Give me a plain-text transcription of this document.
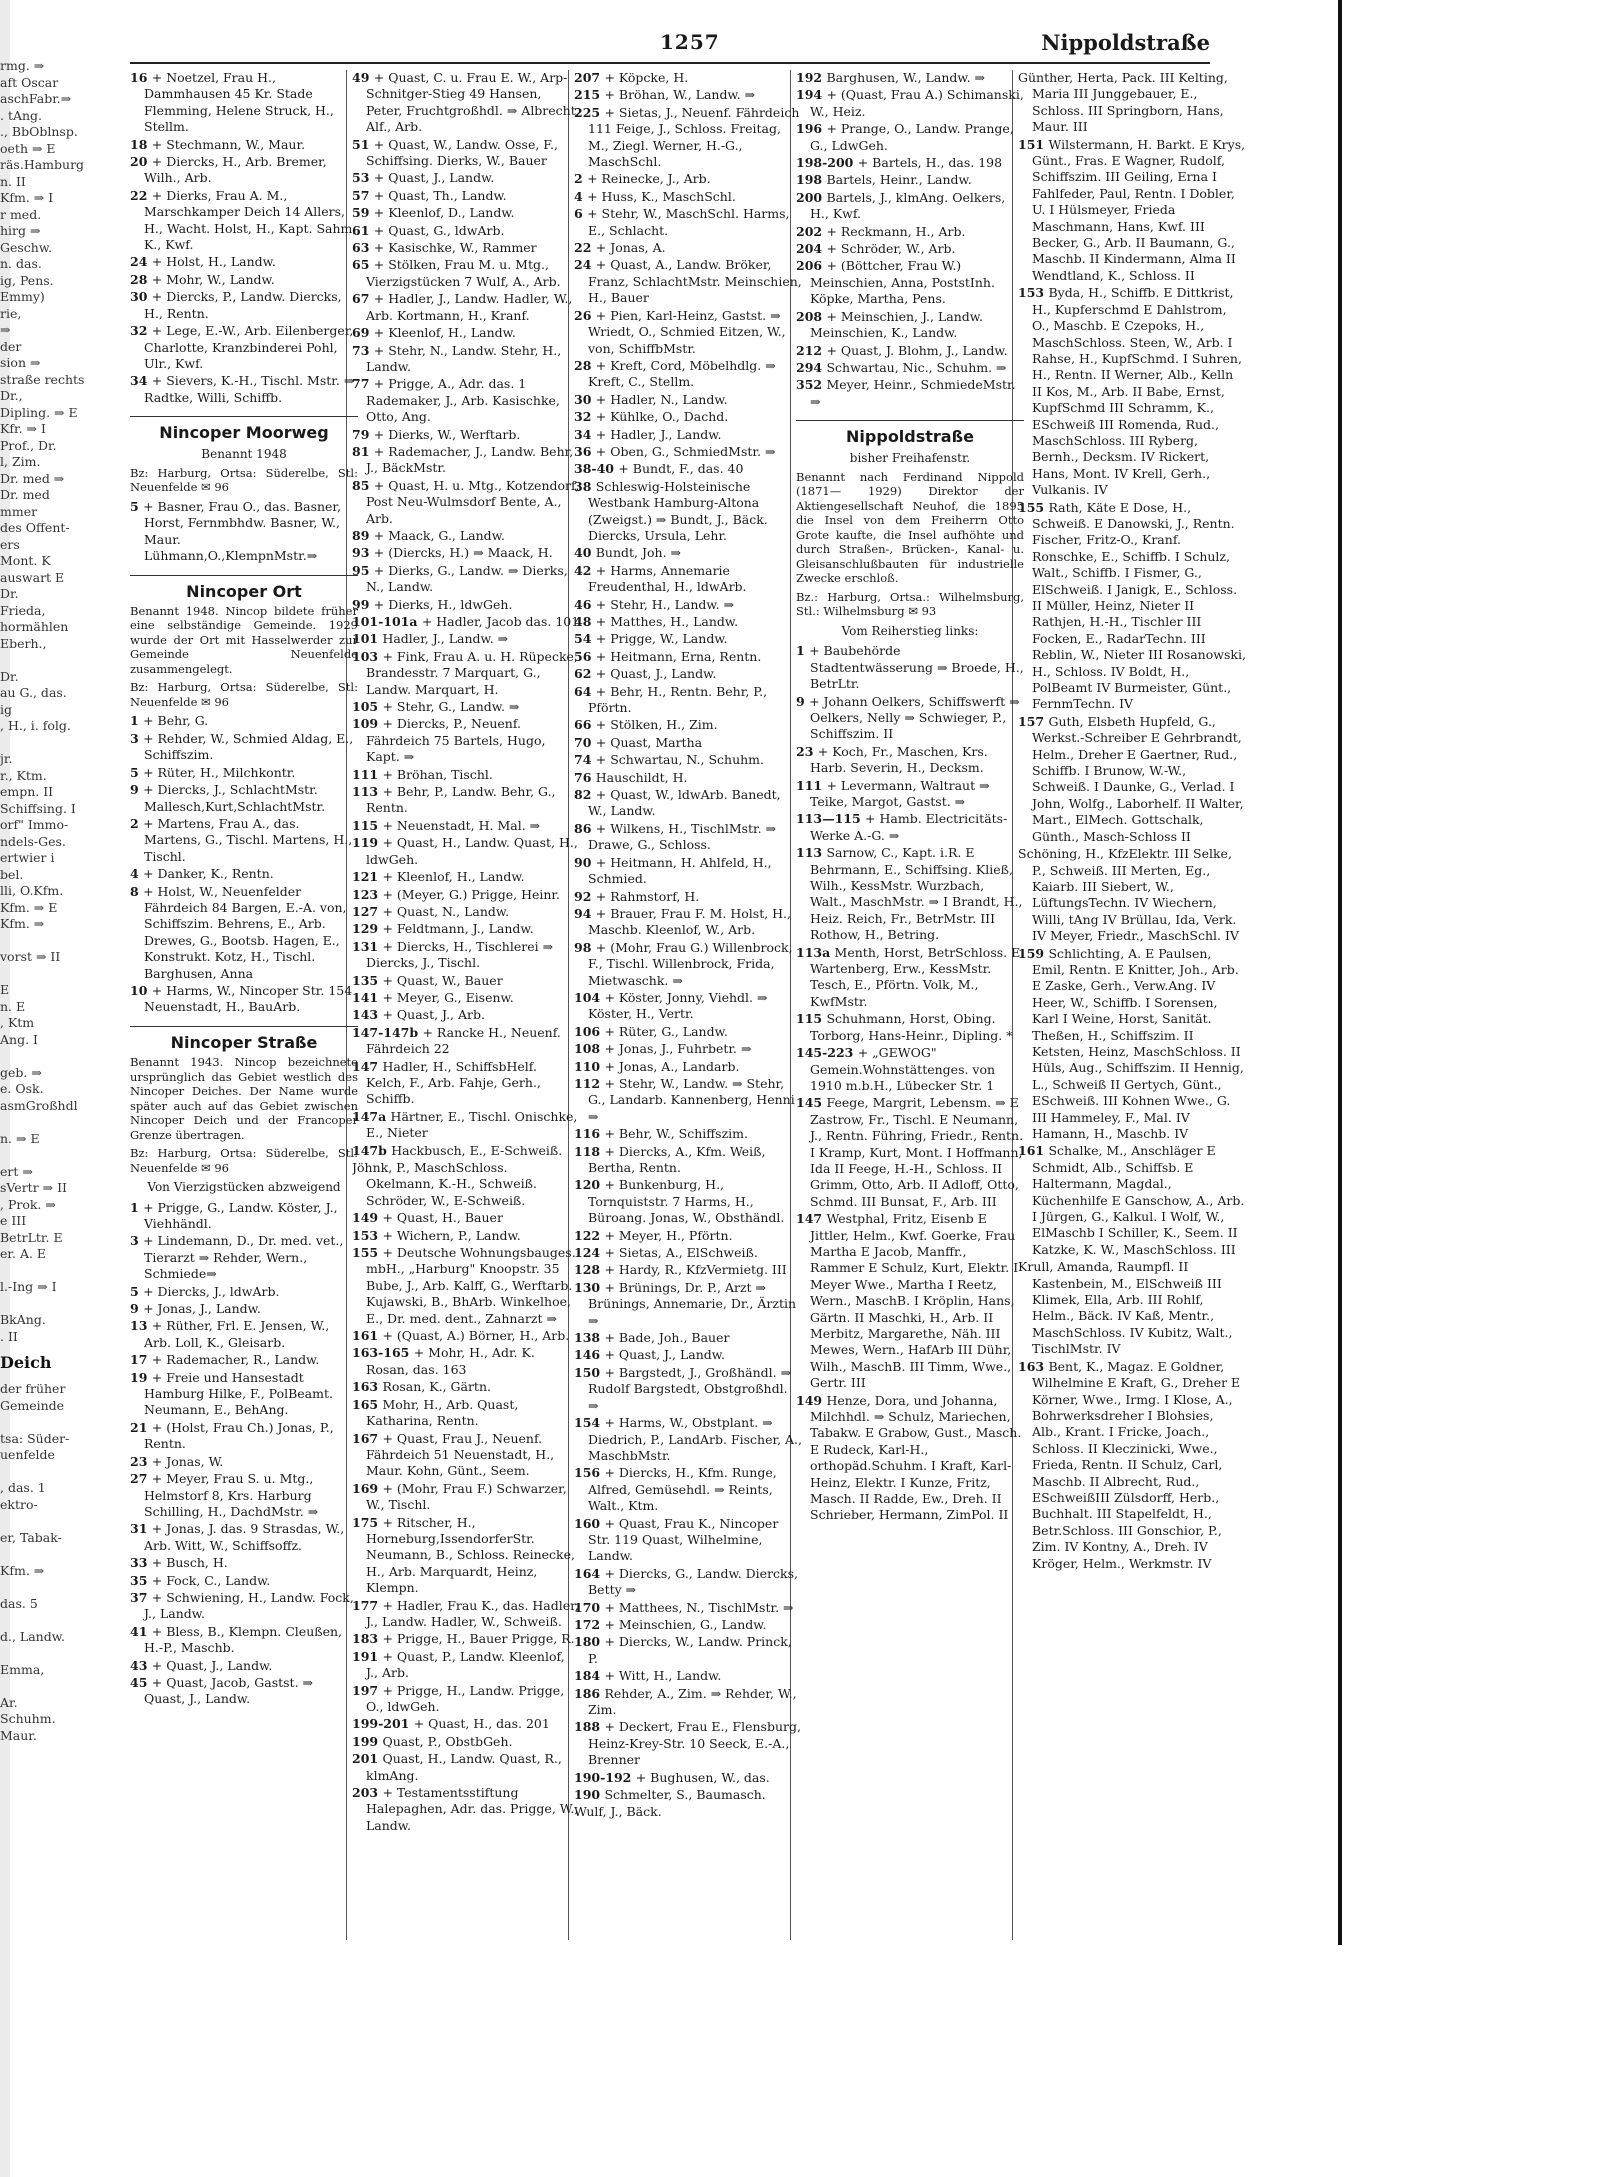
rmg. ⇒
aft Oscar
aschFabr.⇒
. tAng.
., BbOblnsp.
oeth ⇒ E
räs.Hamburg
n. II
Kfm. ⇒ I
r med.
hirg ⇒
Geschw.
n. das.
ig, Pens.
Emmy)
rie,
⇒
der
sion ⇒
straße rechts
Dr.,
Dipling. ⇒ E
Kfr. ⇒ I
Prof., Dr.
l, Zim.
Dr. med ⇒
Dr. med
mmer
des Offent-
ers
Mont. K
auswart E
Dr.
Frieda,
hormählen
Eberh.,
Dr.
au G., das.
ig
, H., i. folg.
jr.
r., Ktm.
empn. II
Schiffsing. I
orf" Immo-
ndels-Ges.
ertwier i
bel.
lli, O.Kfm.
Kfm. ⇒ E
Kfm. ⇒
vorst ⇒ II
E
n. E
, Ktm
Ang. I
geb. ⇒
e. Osk.
asmGroßhdl
n. ⇒ E
ert ⇒
sVertr ⇒ II
, Prok. ⇒
e III
BetrLtr. E
er. A. E
l.-Ing ⇒ I
BkAng.
. II
Deich
der früher
Gemeinde
tsa: Süder-
uenfelde
, das. 1
ektro-
er, Tabak-
Kfm. ⇒
das. 5
d., Landw.
Emma,
Ar.
Schuhm.
Maur.
1257	Nippoldstraße
16 + Noetzel, Frau H., Dammhausen 45 Kr. Stade Flemming, Helene Struck, H., Stellm.
18 + Stechmann, W., Maur.
20 + Diercks, H., Arb. Bremer, Wilh., Arb.
22 + Dierks, Frau A. M., Marschkamper Deich 14 Allers, H., Wacht. Holst, H., Kapt. Sahm, K., Kwf.
24 + Holst, H., Landw.
28 + Mohr, W., Landw.
30 + Diercks, P., Landw. Diercks, H., Rentn.
32 + Lege, E.-W., Arb. Eilenberger, Charlotte, Kranzbinderei Pohl, Ulr., Kwf.
34 + Sievers, K.-H., Tischl. Mstr. ⇒ Radtke, Willi, Schiffb.
Nincoper Moorweg
Benannt 1948
Bz: Harburg, Ortsa: Süderelbe, Stl: Neuenfelde ✉ 96
5 + Basner, Frau O., das. Basner, Horst, Fernmbhdw. Basner, W., Maur. Lühmann,O.,KlempnMstr.⇒
Nincoper Ort
Benannt 1948. Nincop bildete früher eine selbständige Gemeinde. 1929 wurde der Ort mit Hasselwerder zur Gemeinde Neuenfelde zusammengelegt.
Bz: Harburg, Ortsa: Süderelbe, Stl: Neuenfelde ✉ 96
1 + Behr, G.
3 + Rehder, W., Schmied Aldag, E., Schiffszim.
5 + Rüter, H., Milchkontr.
9 + Diercks, J., SchlachtMstr. Mallesch,Kurt,SchlachtMstr.
2 + Martens, Frau A., das. Martens, G., Tischl. Martens, H., Tischl.
4 + Danker, K., Rentn.
8 + Holst, W., Neuenfelder Fährdeich 84 Bargen, E.-A. von, Schiffszim. Behrens, E., Arb. Drewes, G., Bootsb. Hagen, E., Konstrukt. Kotz, H., Tischl. Barghusen, Anna
10 + Harms, W., Nincoper Str. 154 Neuenstadt, H., BauArb.
Nincoper Straße
Benannt 1943. Nincop bezeichnete ursprünglich das Gebiet westlich des Nincoper Deiches. Der Name wurde später auch auf das Gebiet zwischen Nincoper Deich und der Francoper Grenze übertragen.
Bz: Harburg, Ortsa: Süderelbe, Stl: Neuenfelde ✉ 96
Von Vierzigstücken abzweigend
1 + Prigge, G., Landw. Köster, J., Viehhändl.
3 + Lindemann, D., Dr. med. vet., Tierarzt ⇒ Rehder, Wern., Schmiede⇒
5 + Diercks, J., ldwArb.
9 + Jonas, J., Landw.
13 + Rüther, Frl. E. Jensen, W., Arb. Loll, K., Gleisarb.
17 + Rademacher, R., Landw.
19 + Freie und Hansestadt Hamburg Hilke, F., PolBeamt. Neumann, E., BehAng.
21 + (Holst, Frau Ch.) Jonas, P., Rentn.
23 + Jonas, W.
27 + Meyer, Frau S. u. Mtg., Helmstorf 8, Krs. Harburg Schilling, H., DachdMstr. ⇒
31 + Jonas, J. das. 9 Strasdas, W., Arb. Witt, W., Schiffsoffz.
33 + Busch, H.
35 + Fock, C., Landw.
37 + Schwiening, H., Landw. Fock, J., Landw.
41 + Bless, B., Klempn. Cleußen, H.-P., Maschb.
43 + Quast, J., Landw.
45 + Quast, Jacob, Gastst. ⇒ Quast, J., Landw.
49 + Quast, C. u. Frau E. W., Arp-Schnitger-Stieg 49 Hansen, Peter, Fruchtgroßhdl. ⇒ Albrecht, Alf., Arb.
51 + Quast, W., Landw. Osse, F., Schiffsing. Dierks, W., Bauer
53 + Quast, J., Landw.
57 + Quast, Th., Landw.
59 + Kleenlof, D., Landw.
61 + Quast, G., ldwArb.
63 + Kasischke, W., Rammer
65 + Stölken, Frau M. u. Mtg., Vierzigstücken 7 Wulf, A., Arb.
67 + Hadler, J., Landw. Hadler, W., Arb. Kortmann, H., Kranf.
69 + Kleenlof, H., Landw.
73 + Stehr, N., Landw. Stehr, H., Landw.
77 + Prigge, A., Adr. das. 1 Rademaker, J., Arb. Kasischke, Otto, Ang.
79 + Dierks, W., Werftarb.
81 + Rademacher, J., Landw. Behr, J., BäckMstr.
85 + Quast, H. u. Mtg., Kotzendorf, Post Neu-Wulmsdorf Bente, A., Arb.
89 + Maack, G., Landw.
93 + (Diercks, H.) ⇒ Maack, H.
95 + Dierks, G., Landw. ⇒ Dierks, N., Landw.
99 + Dierks, H., ldwGeh.
101-101a + Hadler, Jacob das. 101
101 Hadler, J., Landw. ⇒
103 + Fink, Frau A. u. H. Rüpecke, Brandesstr. 7 Marquart, G., Landw. Marquart, H.
105 + Stehr, G., Landw. ⇒
109 + Diercks, P., Neuenf. Fährdeich 75 Bartels, Hugo, Kapt. ⇒
111 + Bröhan, Tischl.
113 + Behr, P., Landw. Behr, G., Rentn.
115 + Neuenstadt, H. Mal. ⇒
119 + Quast, H., Landw. Quast, H., ldwGeh.
121 + Kleenlof, H., Landw.
123 + (Meyer, G.) Prigge, Heinr.
127 + Quast, N., Landw.
129 + Feldtmann, J., Landw.
131 + Diercks, H., Tischlerei ⇒ Diercks, J., Tischl.
135 + Quast, W., Bauer
141 + Meyer, G., Eisenw.
143 + Quast, J., Arb.
147-147b + Rancke H., Neuenf. Fährdeich 22
147 Hadler, H., SchiffsbHelf. Kelch, F., Arb. Fahje, Gerh., Schiffb.
147a Härtner, E., Tischl. Onischke, E., Nieter
147b Hackbusch, E., E-Schweiß.
Jöhnk, P., MaschSchloss. Okelmann, K.-H., Schweiß. Schröder, W., E-Schweiß.
149 + Quast, H., Bauer
153 + Wichern, P., Landw.
155 + Deutsche Wohnungsbauges. mbH., „Harburg" Knoopstr. 35 Bube, J., Arb. Kalff, G., Werftarb. Kujawski, B., BhArb. Winkelhoe, E., Dr. med. dent., Zahnarzt ⇒
161 + (Quast, A.) Börner, H., Arb.
163-165 + Mohr, H., Adr. K. Rosan, das. 163
163 Rosan, K., Gärtn.
165 Mohr, H., Arb. Quast, Katharina, Rentn.
167 + Quast, Frau J., Neuenf. Fährdeich 51 Neuenstadt, H., Maur. Kohn, Günt., Seem.
169 + (Mohr, Frau F.) Schwarzer, W., Tischl.
175 + Ritscher, H., Horneburg,IssendorferStr. Neumann, B., Schloss. Reinecke, H., Arb. Marquardt, Heinz, Klempn.
177 + Hadler, Frau K., das. Hadler, J., Landw. Hadler, W., Schweiß.
183 + Prigge, H., Bauer Prigge, R.
191 + Quast, P., Landw. Kleenlof, J., Arb.
197 + Prigge, H., Landw. Prigge, O., ldwGeh.
199-201 + Quast, H., das. 201
199 Quast, P., ObstbGeh.
201 Quast, H., Landw. Quast, R., klmAng.
203 + Testamentsstiftung Halepaghen, Adr. das. Prigge, W., Landw.
207 + Köpcke, H.
215 + Bröhan, W., Landw. ⇒
225 + Sietas, J., Neuenf. Fährdeich 111 Feige, J., Schloss. Freitag, M., Ziegl. Werner, H.-G., MaschSchl.
2 + Reinecke, J., Arb.
4 + Huss, K., MaschSchl.
6 + Stehr, W., MaschSchl. Harms, E., Schlacht.
22 + Jonas, A.
24 + Quast, A., Landw. Bröker, Franz, SchlachtMstr. Meinschien, H., Bauer
26 + Pien, Karl-Heinz, Gastst. ⇒ Wriedt, O., Schmied Eitzen, W., von, SchiffbMstr.
28 + Kreft, Cord, Möbelhdlg. ⇒ Kreft, C., Stellm.
30 + Hadler, N., Landw.
32 + Kühlke, O., Dachd.
34 + Hadler, J., Landw.
36 + Oben, G., SchmiedMstr. ⇒
38-40 + Bundt, F., das. 40
38 Schleswig-Holsteinische Westbank Hamburg-Altona (Zweigst.) ⇒ Bundt, J., Bäck. Diercks, Ursula, Lehr.
40 Bundt, Joh. ⇒
42 + Harms, Annemarie Freudenthal, H., ldwArb.
46 + Stehr, H., Landw. ⇒
48 + Matthes, H., Landw.
54 + Prigge, W., Landw.
56 + Heitmann, Erna, Rentn.
62 + Quast, J., Landw.
64 + Behr, H., Rentn. Behr, P., Pförtn.
66 + Stölken, H., Zim.
70 + Quast, Martha
74 + Schwartau, N., Schuhm.
76 Hauschildt, H.
82 + Quast, W., ldwArb. Banedt, W., Landw.
86 + Wilkens, H., TischlMstr. ⇒ Drawe, G., Schloss.
90 + Heitmann, H. Ahlfeld, H., Schmied.
92 + Rahmstorf, H.
94 + Brauer, Frau F. M. Holst, H., Maschb. Kleenlof, W., Arb.
98 + (Mohr, Frau G.) Willenbrock, F., Tischl. Willenbrock, Frida, Mietwaschk. ⇒
104 + Köster, Jonny, Viehdl. ⇒ Köster, H., Vertr.
106 + Rüter, G., Landw.
108 + Jonas, J., Fuhrbetr. ⇒
110 + Jonas, A., Landarb.
112 + Stehr, W., Landw. ⇒ Stehr, G., Landarb. Kannenberg, Henni ⇒
116 + Behr, W., Schiffszim.
118 + Diercks, A., Kfm. Weiß, Bertha, Rentn.
120 + Bunkenburg, H., Tornquiststr. 7 Harms, H., Büroang. Jonas, W., Obsthändl.
122 + Meyer, H., Pförtn.
124 + Sietas, A., ElSchweiß.
128 + Hardy, R., KfzVermietg. III
130 + Brünings, Dr. P., Arzt ⇒ Brünings, Annemarie, Dr., Ärztin ⇒
138 + Bade, Joh., Bauer
146 + Quast, J., Landw.
150 + Bargstedt, J., Großhändl. ⇒ Rudolf Bargstedt, Obstgroßhdl. ⇒
154 + Harms, W., Obstplant. ⇒ Diedrich, P., LandArb. Fischer, A., MaschbMstr.
156 + Diercks, H., Kfm. Runge, Alfred, Gemüsehdl. ⇒ Reints, Walt., Ktm.
160 + Quast, Frau K., Nincoper Str. 119 Quast, Wilhelmine, Landw.
164 + Diercks, G., Landw. Diercks, Betty ⇒
170 + Matthees, N., TischlMstr. ⇒
172 + Meinschien, G., Landw.
180 + Diercks, W., Landw. Princk, P.
184 + Witt, H., Landw.
186 Rehder, A., Zim. ⇒ Rehder, W., Zim.
188 + Deckert, Frau E., Flensburg, Heinz-Krey-Str. 10 Seeck, E.-A., Brenner
190-192 + Bughusen, W., das.
190 Schmelter, S., Baumasch.
Wulf, J., Bäck.
192 Barghusen, W., Landw. ⇒
194 + (Quast, Frau A.) Schimanski, W., Heiz.
196 + Prange, O., Landw. Prange, G., LdwGeh.
198-200 + Bartels, H., das. 198
198 Bartels, Heinr., Landw.
200 Bartels, J., klmAng. Oelkers, H., Kwf.
202 + Reckmann, H., Arb.
204 + Schröder, W., Arb.
206 + (Böttcher, Frau W.) Meinschien, Anna, PoststInh. Köpke, Martha, Pens.
208 + Meinschien, J., Landw. Meinschien, K., Landw.
212 + Quast, J. Blohm, J., Landw.
294 Schwartau, Nic., Schuhm. ⇒
352 Meyer, Heinr., SchmiedeMstr. ⇒
Nippoldstraße
bisher Freihafenstr.
Benannt nach Ferdinand Nippold (1871— 1929) Direktor der Aktiengesellschaft Neuhof, die 1895 die Insel von dem Freiherrn Otto Grote kaufte, die Insel aufhöhte und durch Straßen-, Brücken-, Kanal- u. Gleisanschlußbauten für industrielle Zwecke erschloß.
Bz.: Harburg, Ortsa.: Wilhelmsburg, Stl.: Wilhelmsburg ✉ 93
Vom Reiherstieg links:
1 + Baubehörde Stadtentwässerung ⇒ Broede, H., BetrLtr.
9 + Johann Oelkers, Schiffswerft ⇒ Oelkers, Nelly ⇒ Schwieger, P., Schiffszim. II
23 + Koch, Fr., Maschen, Krs. Harb. Severin, H., Decksm.
111 + Levermann, Waltraut ⇒ Teike, Margot, Gastst. ⇒
113—115 + Hamb. Electricitäts-Werke A.-G. ⇒
113 Sarnow, C., Kapt. i.R. E Behrmann, E., Schiffsing. Kließ, Wilh., KessMstr. Wurzbach, Walt., MaschMstr. ⇒ I Brandt, H., Heiz. Reich, Fr., BetrMstr. III Rothow, H., Betring.
113a Menth, Horst, BetrSchloss. E Wartenberg, Erw., KessMstr. Tesch, E., Pförtn. Volk, M., KwfMstr.
115 Schuhmann, Horst, Obing. Torborg, Hans-Heinr., Dipling. *
145-223 + „GEWOG" Gemein.Wohnstättenges. von 1910 m.b.H., Lübecker Str. 1
145 Feege, Margrit, Lebensm. ⇒ E Zastrow, Fr., Tischl. E Neumann, J., Rentn. Führing, Friedr., Rentn. I Kramp, Kurt, Mont. I Hoffmann, Ida II Feege, H.-H., Schloss. II Grimm, Otto, Arb. II Adloff, Otto, Schmd. III Bunsat, F., Arb. III
147 Westphal, Fritz, Eisenb E Jittler, Helm., Kwf. Goerke, Frau Martha E Jacob, Manffr., Rammer E Schulz, Kurt, Elektr. I Meyer Wwe., Martha I Reetz, Wern., MaschB. I Kröplin, Hans, Gärtn. II Maschki, H., Arb. II Merbitz, Margarethe, Näh. III Mewes, Wern., HafArb III Dühr, Wilh., MaschB. III Timm, Wwe., Gertr. III
149 Henze, Dora, und Johanna, Milchhdl. ⇒ Schulz, Mariechen, Tabakw. E Grabow, Gust., Masch. E Rudeck, Karl-H., orthopäd.Schuhm. I Kraft, Karl-Heinz, Elektr. I Kunze, Fritz, Masch. II Radde, Ew., Dreh. II Schrieber, Hermann, ZimPol. II
Günther, Herta, Pack. III Kelting, Maria III Junggebauer, E., Schloss. III Springborn, Hans, Maur. III
151 Wilstermann, H. Barkt. E Krys, Günt., Fras. E Wagner, Rudolf, Schiffszim. III Geiling, Erna I Fahlfeder, Paul, Rentn. I Dobler, U. I Hülsmeyer, Frieda Maschmann, Hans, Kwf. III Becker, G., Arb. II Baumann, G., Maschb. II Kindermann, Alma II Wendtland, K., Schloss. II
153 Byda, H., Schiffb. E Dittkrist, H., Kupferschmd E Dahlstrom, O., Maschb. E Czepoks, H., MaschSchloss. Steen, W., Arb. I Rahse, H., KupfSchmd. I Suhren, H., Rentn. II Werner, Alb., Kelln II Kos, M., Arb. II Babe, Ernst, KupfSchmd III Schramm, K., ESchweiß III Romenda, Rud., MaschSchloss. III Ryberg, Bernh., Decksm. IV Rickert, Hans, Mont. IV Krell, Gerh., Vulkanis. IV
155 Rath, Käte E Dose, H., Schweiß. E Danowski, J., Rentn. Fischer, Fritz-O., Kranf. Ronschke, E., Schiffb. I Schulz, Walt., Schiffb. I Fismer, G., ElSchweiß. I Janigk, E., Schloss. II Müller, Heinz, Nieter II Rathjen, H.-H., Tischler III Focken, E., RadarTechn. III Reblin, W., Nieter III Rosanowski, H., Schloss. IV Boldt, H., PolBeamt IV Burmeister, Günt., FernmTechn. IV
157 Guth, Elsbeth Hupfeld, G., Werkst.-Schreiber E Gehrbrandt, Helm., Dreher E Gaertner, Rud., Schiffb. I Brunow, W.-W., Schweiß. I Daunke, G., Verlad. I John, Wolfg., Laborhelf. II Walter, Mart., ElMech. Gottschalk, Günth., Masch-Schloss II
Schöning, H., KfzElektr. III Selke, P., Schweiß. III Merten, Eg., Kaiarb. III Siebert, W., LüftungsTechn. IV Wiechern, Willi, tAng IV Brüllau, Ida, Verk. IV Meyer, Friedr., MaschSchl. IV
159 Schlichting, A. E Paulsen, Emil, Rentn. E Knitter, Joh., Arb. E Zaske, Gerh., Verw.Ang. IV Heer, W., Schiffb. I Sorensen, Karl I Weine, Horst, Sanität. Theßen, H., Schiffszim. II Ketsten, Heinz, MaschSchloss. II Hüls, Aug., Schiffszim. II Hennig, L., Schweiß II Gertych, Günt., ESchweiß. III Kohnen Wwe., G. III Hammeley, F., Mal. IV Hamann, H., Maschb. IV
161 Schalke, M., Anschläger E Schmidt, Alb., Schiffsb. E Haltermann, Magdal., Küchenhilfe E Ganschow, A., Arb. I Jürgen, G., Kalkul. I Wolf, W., ElMaschb I Schiller, K., Seem. II Katzke, K. W., MaschSchloss. III
Krull, Amanda, Raumpfl. II Kastenbein, M., ElSchweiß III Klimek, Ella, Arb. III Rohlf, Helm., Bäck. IV Kaß, Mentr., MaschSchloss. IV Kubitz, Walt., TischlMstr. IV
163 Bent, K., Magaz. E Goldner, Wilhelmine E Kraft, G., Dreher E Körner, Wwe., Irmg. I Klose, A., Bohrwerksdreher I Blohsies, Alb., Krant. I Fricke, Joach., Schloss. II Kleczinicki, Wwe., Frieda, Rentn. II Schulz, Carl, Maschb. II Albrecht, Rud., ESchweißIII Zülsdorff, Herb., Buchhalt. III Stapelfeldt, H., Betr.Schloss. III Gonschior, P., Zim. IV Kontny, A., Dreh. IV Kröger, Helm., Werkmstr. IV
